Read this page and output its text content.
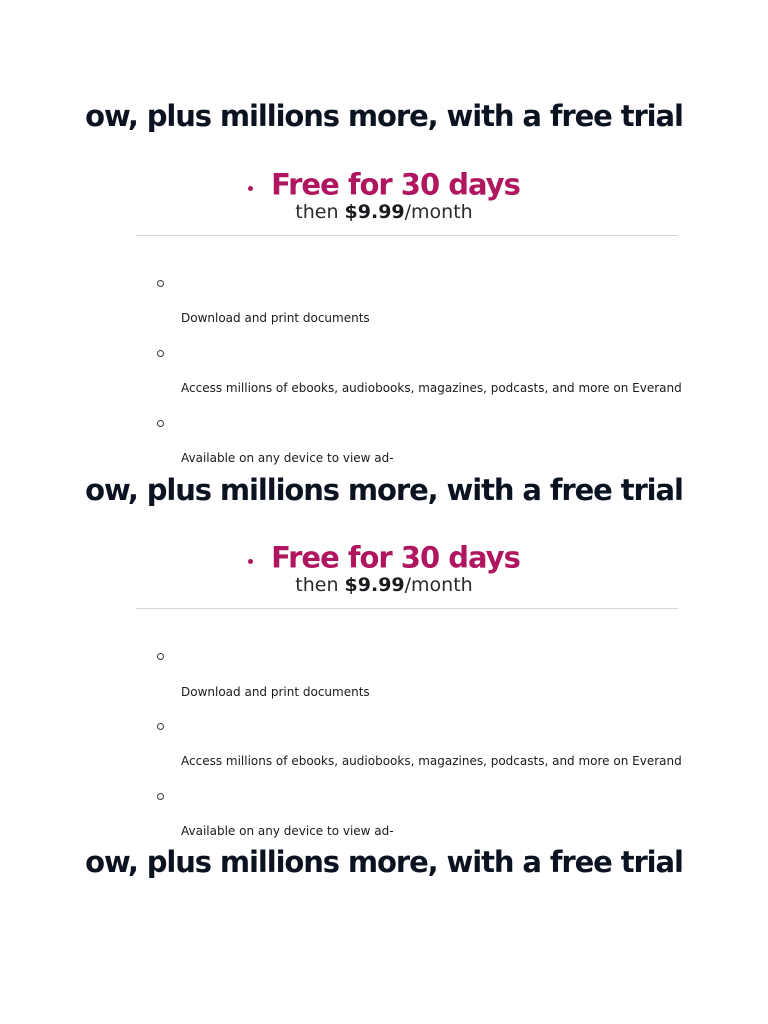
ow, plus millions more, with a free trial
Free for 30 days
then $9.99/month
Download and print documents
Access millions of ebooks, audiobooks, magazines, podcasts, and more on Everand
Available on any device to view ad-
ow, plus millions more, with a free trial
Free for 30 days
then $9.99/month
Download and print documents
Access millions of ebooks, audiobooks, magazines, podcasts, and more on Everand
Available on any device to view ad-
ow, plus millions more, with a free trial
